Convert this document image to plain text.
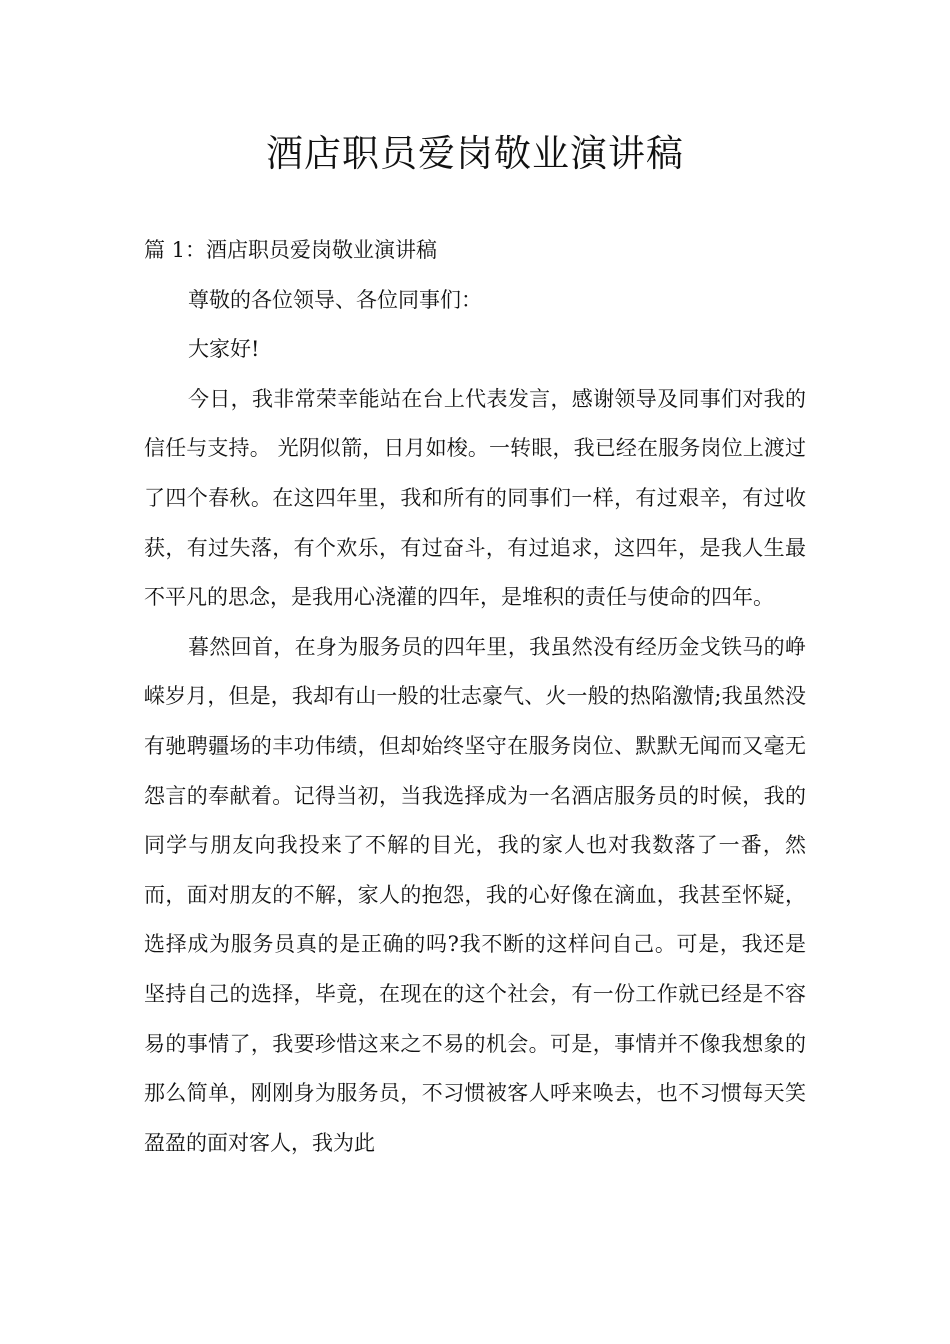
酒店职员爱岗敬业演讲稿

篇 1：酒店职员爱岗敬业演讲稿

尊敬的各位领导、各位同事们：

大家好!

今日，我非常荣幸能站在台上代表发言，感谢领导及同事们对我的信任与支持。 光阴似箭，日月如梭。一转眼，我已经在服务岗位上渡过了四个春秋。在这四年里，我和所有的同事们一样，有过艰辛，有过收获，有过失落，有个欢乐，有过奋斗，有过追求，这四年，是我人生最不平凡的思念，是我用心浇灌的四年，是堆积的责任与使命的四年。

暮然回首，在身为服务员的四年里，我虽然没有经历金戈铁马的峥嵘岁月，但是，我却有山一般的壮志豪气、火一般的热陷激情;我虽然没有驰聘疆场的丰功伟绩，但却始终坚守在服务岗位、默默无闻而又毫无怨言的奉献着。记得当初，当我选择成为一名酒店服务员的时候，我的同学与朋友向我投来了不解的目光，我的家人也对我数落了一番，然而，面对朋友的不解，家人的抱怨，我的心好像在滴血，我甚至怀疑，选择成为服务员真的是正确的吗?我不断的这样问自己。可是，我还是坚持自己的选择，毕竟，在现在的这个社会，有一份工作就已经是不容易的事情了，我要珍惜这来之不易的机会。可是，事情并不像我想象的那么简单，刚刚身为服务员，不习惯被客人呼来唤去，也不习惯每天笑盈盈的面对客人，我为此
